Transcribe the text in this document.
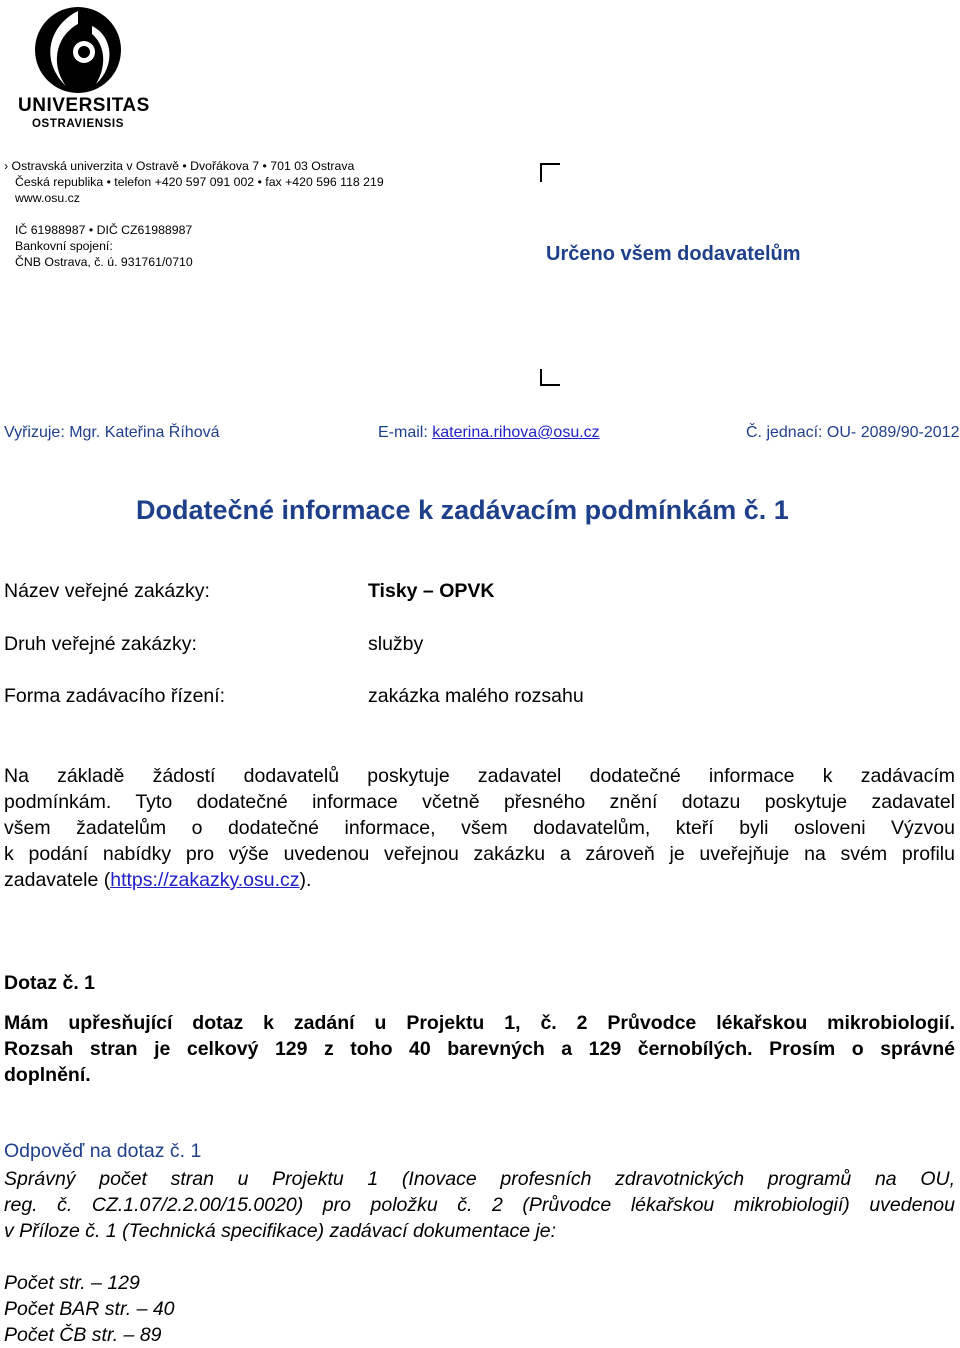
UNIVERSITAS
OSTRAVIENSIS
› Ostravská univerzita v Ostravě • Dvořákova 7 • 701 03 Ostrava
Česká republika • telefon +420 597 091 002 • fax +420 596 118 219
www.osu.cz
IČ 61988987 • DIČ CZ61988987
Bankovní spojení:
ČNB Ostrava, č. ú. 931761/0710	Určeno všem dodavatelům
Vyřizuje: Mgr. Kateřina Říhová	E-mail: katerina.rihova@osu.cz	Č. jednací: OU- 2089/90-2012
Dodatečné informace k zadávacím podmínkám č. 1
Název veřejné zakázky:	Tisky – OPVK
Druh veřejné zakázky:	služby
Forma zadávacího řízení:	zakázka malého rozsahu
Na základě žádostí dodavatelů poskytuje zadavatel dodatečné informace k zadávacím
podmínkám. Tyto dodatečné informace včetně přesného znění dotazu poskytuje zadavatel
všem žadatelům o dodatečné informace, všem dodavatelům, kteří byli osloveni Výzvou
k podání nabídky pro výše uvedenou veřejnou zakázku a zároveň je uveřejňuje na svém profilu
zadavatele (https://zakazky.osu.cz).
Dotaz č. 1
Mám upřesňující dotaz k zadání u Projektu 1, č. 2 Průvodce lékařskou mikrobiologií.
Rozsah stran je celkový 129 z toho 40 barevných a 129 černobílých. Prosím o správné
doplnění.
Odpověď na dotaz č. 1
Správný počet stran u Projektu 1 (Inovace profesních zdravotnických programů na OU,
reg. č. CZ.1.07/2.2.00/15.0020) pro položku č. 2 (Průvodce lékařskou mikrobiologií) uvedenou
v Příloze č. 1 (Technická specifikace) zadávací dokumentace je:
Počet str. – 129
Počet BAR str. – 40
Počet ČB str. – 89
